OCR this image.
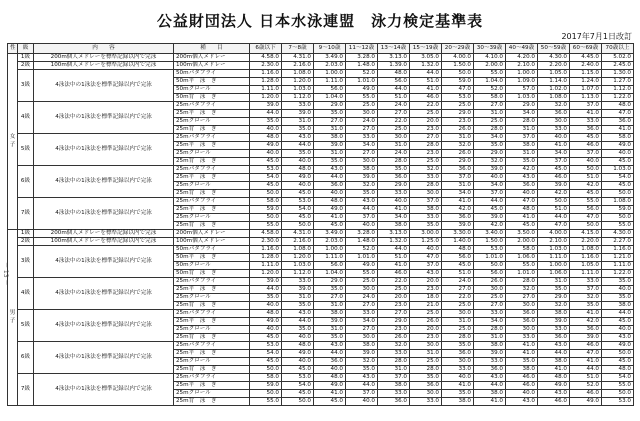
公益財団法人 日本水泳連盟　泳力検定基準表
2017年7月1日改訂
－ 13 －
性	級	内　　容	種　　目	6歳以下	7〜8歳	9〜10歳	11〜12歳	13〜14歳	15〜19歳	20〜29歳	30〜39歳	40〜49歳	50〜59歳	60〜69歳	70歳以上
女　子	1級	200m個人メドレーを標準記録以内で完泳	200m個人メドレー	4.58.0	4.31.0	3.49.0	3.28.0	3.13.0	3.05.0	4.00.0	4.10.0	4.20.0	4.30.0	4.45.0	5.02.0
	2級	100m個人メドレーを標準記録以内で完泳	100m個人メドレー	2.30.0	2.16.0	2.03.0	1.48.0	1.39.0	1.32.0	1.50.0	2.00.0	2.10.0	2.20.0	2.40.0	2.45.0
	3級	4泳法中の1泳法を標準記録以内で完泳	50mバタフライ	1.16.0	1.08.0	1.00.0	52.0	48.0	44.0	50.0	55.0	1.00.0	1.05.0	1.15.0	1.30.0
			50m平　泳　ぎ	1.28.0	1.20.0	1.11.0	1.01.0	56.0	51.0	59.0	1.04.0	1.09.0	1.14.0	1.24.0	1.27.0
			50mクロール	1.11.0	1.03.0	56.0	49.0	44.0	41.0	47.0	52.0	57.0	1.02.0	1.07.0	1.12.0
			50m背　泳　ぎ	1.20.0	1.12.0	1.04.0	55.0	51.0	46.0	53.0	58.0	1.03.0	1.08.0	1.13.0	1.22.0
	4級	4泳法中の1泳法を標準記録以内で完泳	25mバタフライ	39.0	33.0	29.0	25.0	24.0	22.0	25.0	27.0	29.0	32.0	37.0	48.0
			25m平　泳　ぎ	44.0	39.0	35.0	30.0	27.0	25.0	29.0	31.0	34.0	36.0	41.0	47.0
			25mクロール	35.0	31.0	27.0	24.0	22.0	20.0	23.0	25.0	28.0	30.0	33.0	36.0
			25m背　泳　ぎ	40.0	35.0	31.0	27.0	25.0	23.0	26.0	28.0	31.0	33.0	36.0	41.0
	5級	4泳法中の1泳法を標準記録以内で完泳	25mバタフライ	48.0	43.0	38.0	33.0	30.0	27.0	31.0	34.0	37.0	40.0	45.0	58.0
			25m平　泳　ぎ	49.0	44.0	39.0	34.0	31.0	28.0	32.0	35.0	38.0	41.0	46.0	49.0
			25mクロール	40.0	35.0	31.0	27.0	24.0	23.0	26.0	29.0	31.0	34.0	37.0	40.0
			25m背　泳　ぎ	45.0	40.0	35.0	30.0	28.0	25.0	29.0	32.0	35.0	37.0	40.0	45.0
	6級	4泳法中の1泳法を標準記録以内で完泳	25mバタフライ	53.0	48.0	43.0	38.0	35.0	32.0	36.0	39.0	42.0	45.0	50.0	1.03.0
			25m平　泳　ぎ	54.0	49.0	44.0	39.0	36.0	33.0	37.0	40.0	43.0	46.0	51.0	54.0
			25mクロール	45.0	40.0	36.0	32.0	29.0	28.0	31.0	34.0	36.0	39.0	42.0	45.0
			25m背　泳　ぎ	50.0	45.0	40.0	35.0	33.0	30.0	34.0	37.0	40.0	42.0	45.0	50.0
	7級	4泳法中の1泳法を標準記録以内で完泳	25mバタフライ	58.0	53.0	48.0	43.0	40.0	37.0	41.0	44.0	47.0	50.0	55.0	1.08.0
			25m平　泳　ぎ	59.0	54.0	49.0	44.0	41.0	38.0	42.0	45.0	48.0	51.0	56.0	59.0
			25mクロール	50.0	45.0	41.0	37.0	34.0	33.0	36.0	39.0	41.0	44.0	47.0	50.0
			25m背　泳　ぎ	55.0	50.0	45.0	40.0	38.0	35.0	39.0	42.0	45.0	47.0	50.0	55.0
男　子	1級	200m個人メドレーを標準記録以内で完泳	200m個人メドレー	4.58.0	4.31.0	3.49.0	3.28.0	3.13.0	3.00.0	3.30.0	3.40.0	3.50.0	4.00.0	4.15.0	4.30.0
	2級	100m個人メドレーを標準記録以内で完泳	100m個人メドレー	2.30.0	2.16.0	2.03.0	1.48.0	1.32.0	1.25.0	1.40.0	1.50.0	2.00.0	2.10.0	2.20.0	2.27.0
	3級	4泳法中の1泳法を標準記録以内で完泳	50mバタフライ	1.16.0	1.08.0	1.00.0	52.0	44.0	40.0	48.0	53.0	58.0	1.03.0	1.08.0	1.16.0
			50m平　泳　ぎ	1.28.0	1.20.0	1.11.0	1.01.0	51.0	47.0	56.0	1.01.0	1.06.0	1.11.0	1.16.0	1.21.0
			50mクロール	1.11.0	1.03.0	56.0	49.0	41.0	37.0	45.0	50.0	55.0	1.00.0	1.05.0	1.11.0
			50m背　泳　ぎ	1.20.0	1.12.0	1.04.0	55.0	46.0	43.0	51.0	56.0	1.01.0	1.06.0	1.11.0	1.22.0
	4級	4泳法中の1泳法を標準記録以内で完泳	25mバタフライ	39.0	33.0	29.0	25.0	22.0	20.0	24.0	26.0	28.0	31.0	33.0	35.0
			25m平　泳　ぎ	44.0	39.0	35.0	30.0	25.0	23.0	27.0	30.0	32.0	35.0	37.0	40.0
			25mクロール	35.0	31.0	27.0	24.0	20.0	18.0	22.0	25.0	27.0	29.0	32.0	35.0
			25m背　泳　ぎ	40.0	35.0	31.0	27.0	23.0	21.0	25.0	27.0	30.0	32.0	35.0	38.0
	5級	4泳法中の1泳法を標準記録以内で完泳	25mバタフライ	48.0	43.0	38.0	33.0	27.0	25.0	30.0	33.0	36.0	38.0	41.0	44.0
			25m平　泳　ぎ	49.0	44.0	39.0	34.0	29.0	26.0	31.0	34.0	36.0	39.0	42.0	45.0
			25mクロール	40.0	35.0	31.0	27.0	23.0	20.0	25.0	28.0	30.0	33.0	36.0	40.0
			25m背　泳　ぎ	45.0	40.0	35.0	30.0	26.0	23.0	28.0	31.0	33.0	36.0	39.0	43.0
	6級	4泳法中の1泳法を標準記録以内で完泳	25mバタフライ	53.0	48.0	43.0	38.0	32.0	30.0	35.0	38.0	41.0	43.0	46.0	49.0
			25m平　泳　ぎ	54.0	49.0	44.0	39.0	33.0	31.0	36.0	39.0	41.0	44.0	47.0	50.0
			25mクロール	45.0	40.0	36.0	32.0	28.0	25.0	30.0	33.0	35.0	38.0	41.0	45.0
			25m背　泳　ぎ	50.0	45.0	40.0	35.0	31.0	28.0	33.0	36.0	38.0	41.0	44.0	48.0
	7級	4泳法中の1泳法を標準記録以内で完泳	25mバタフライ	58.0	53.0	48.0	43.0	37.0	35.0	40.0	43.0	46.0	48.0	51.0	54.0
			25m平　泳　ぎ	59.0	54.0	49.0	44.0	38.0	36.0	41.0	44.0	46.0	49.0	52.0	55.0
			25mクロール	50.0	45.0	41.0	37.0	33.0	30.0	35.0	38.0	40.0	43.0	46.0	50.0
			25m背　泳　ぎ	55.0	50.0	45.0	40.0	36.0	33.0	38.0	41.0	43.0	46.0	49.0	53.0
